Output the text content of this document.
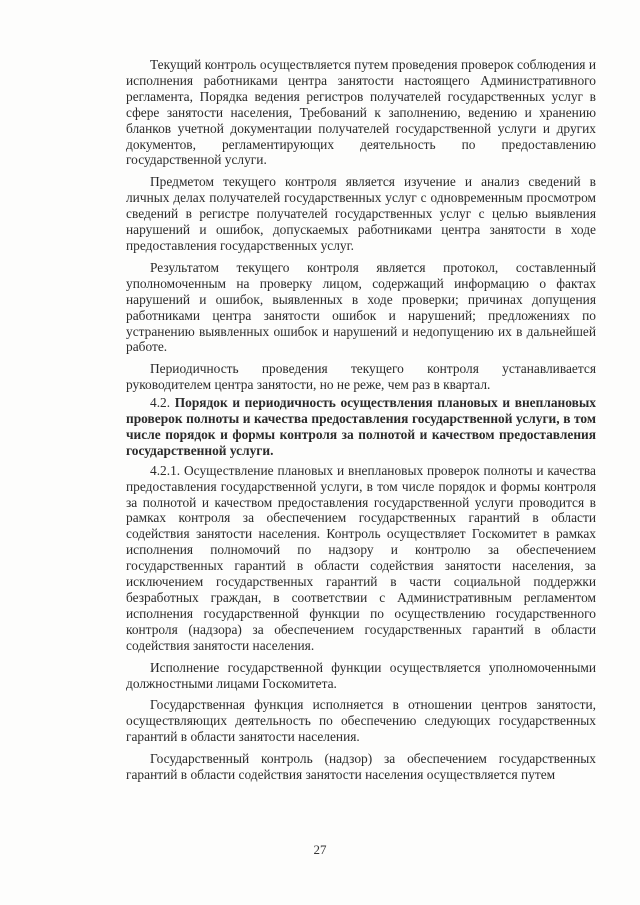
Текущий контроль осуществляется путем проведения проверок соблюдения и исполнения работниками центра занятости настоящего Административного регламента, Порядка ведения регистров получателей государственных услуг в сфере занятости населения, Требований к заполнению, ведению и хранению бланков учетной документации получателей государственной услуги и других документов, регламентирующих деятельность по предоставлению государственной услуги.

Предметом текущего контроля является изучение и анализ сведений в личных делах получателей государственных услуг с одновременным просмотром сведений в регистре получателей государственных услуг с целью выявления нарушений и ошибок, допускаемых работниками центра занятости в ходе предоставления государственных услуг.

Результатом текущего контроля является протокол, составленный уполномоченным на проверку лицом, содержащий информацию о фактах нарушений и ошибок, выявленных в ходе проверки; причинах допущения работниками центра занятости ошибок и нарушений; предложениях по устранению выявленных ошибок и нарушений и недопущению их в дальнейшей работе.

Периодичность проведения текущего контроля устанавливается руководителем центра занятости, но не реже, чем раз в квартал.

4.2. Порядок и периодичность осуществления плановых и внеплановых проверок полноты и качества предоставления государственной услуги, в том числе порядок и формы контроля за полнотой и качеством предоставления государственной услуги.

4.2.1. Осуществление плановых и внеплановых проверок полноты и качества предоставления государственной услуги, в том числе порядок и формы контроля за полнотой и качеством предоставления государственной услуги проводится в рамках контроля за обеспечением государственных гарантий в области содействия занятости населения. Контроль осуществляет Госкомитет в рамках исполнения полномочий по надзору и контролю за обеспечением государственных гарантий в области содействия занятости населения, за исключением государственных гарантий в части социальной поддержки безработных граждан, в соответствии с Административным регламентом исполнения государственной функции по осуществлению государственного контроля (надзора) за обеспечением государственных гарантий в области содействия занятости населения.

Исполнение государственной функции осуществляется уполномоченными должностными лицами Госкомитета.

Государственная функция исполняется в отношении центров занятости, осуществляющих деятельность по обеспечению следующих государственных гарантий в области занятости населения.

Государственный контроль (надзор) за обеспечением государственных гарантий в области содействия занятости населения осуществляется путем

27
